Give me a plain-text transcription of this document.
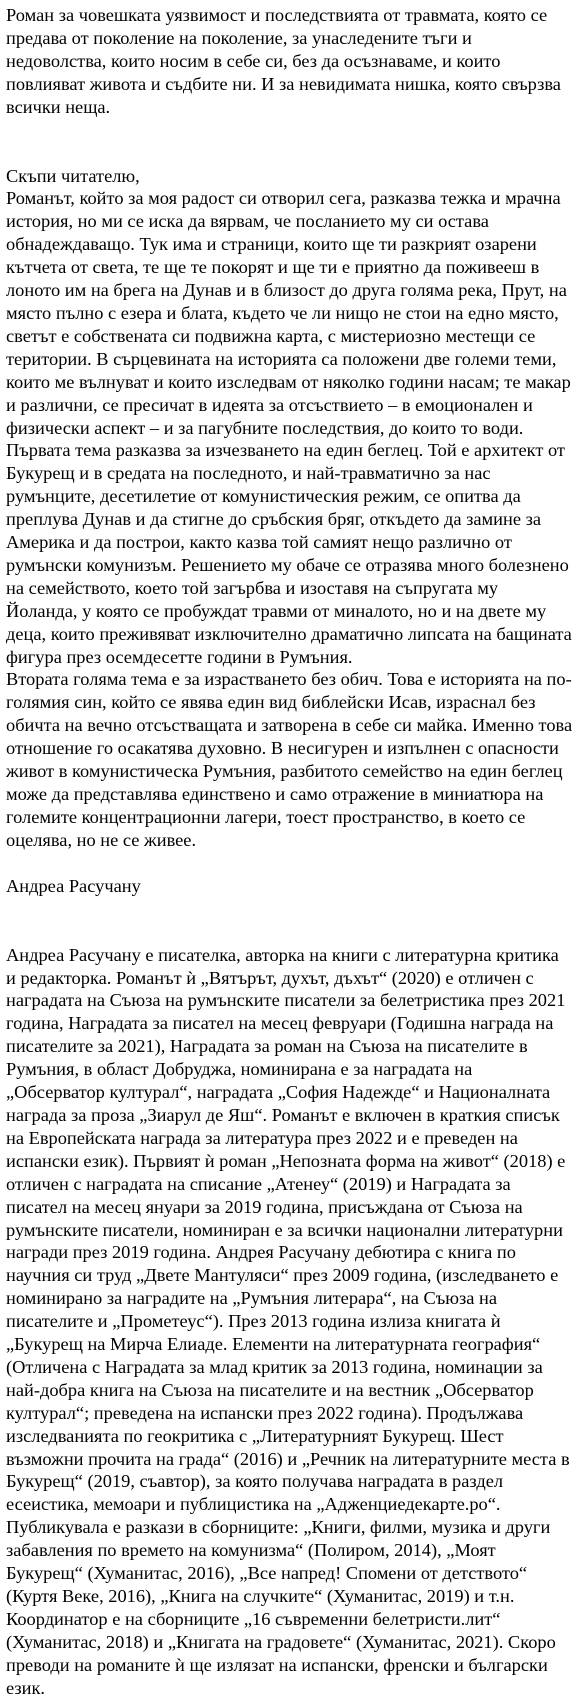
Роман за човешката уязвимост и последствията от травмата, която се предава от поколение на поколение, за унаследените тъги и недоволства, които носим в себе си, без да осъзнаваме, и които повлияват живота и съдбите ни. И за невидимата нишка, която свързва всички неща.

Скъпи читателю,

Романът, който за моя радост си отворил сега, разказва тежка и мрачна история, но ми се иска да вярвам, че посланието му си остава обнадеждаващо. Тук има и страници, които ще ти разкрият озарени кътчета от света, те ще те покорят и ще ти е приятно да поживееш в лоното им на брега на Дунав и в близост до друга голяма река, Прут, на място пълно с езера и блата, където че ли нищо не стои на едно място, светът е собствената си подвижна карта, с мистериозно местещи се територии. В сърцевината на историята са положени две големи теми, които ме вълнуват и които изследвам от няколко години насам; те макар и различни, се пресичат в идеята за отсъствието – в емоционален и физически аспект – и за пагубните последствия, до които то води.

Първата тема разказва за изчезването на един беглец. Той е архитект от Букурещ и в средата на последното, и най-травматично за нас румънците, десетилетие от комунистическия режим, се опитва да преплува Дунав и да стигне до сръбския бряг, откъдето да замине за Америка и да построи, както казва той самият нещо различно от румънски комунизъм. Решението му обаче се отразява много болезнено на семейството, което той загърбва и изоставя на съпругата му Йоланда, у която се пробуждат травми от миналото, но и на двете му деца, които преживяват изключително драматично липсата на бащината фигура през осемдесетте години в Румъния.

Втората голяма тема е за израстването без обич. Това е историята на по-голямия син, който се явява един вид библейски Исав, израснал без обичта на вечно отсъстващата и затворена в себе си майка. Именно това отношение го осакатява духовно. В несигурен и изпълнен с опасности живот в комунистическа Румъния, разбитото семейство на един беглец може да представлява единствено и само отражение в миниатюра на големите концентрационни лагери, тоест пространство, в което се оцелява, но не се живее.

Андреа Расучану

Андреа Расучану е писателка, авторка на книги с литературна критика и редакторка. Романът ѝ „Вятърът, духът, дъхът“ (2020) е отличен с наградата на Съюза на румънските писатели за белетристика през 2021 година, Наградата за писател на месец февруари (Годишна награда на писателите за 2021), Наградата за роман на Съюза на писателите в Румъния, в област Добруджа, номинирана е за наградата на „Обсерватор културал“, наградата „София Надежде“ и Националната награда за проза „Зиарул де Яш“. Романът е включен в краткия списък на Европейската награда за литература през 2022 и е преведен на испански език). Първият ѝ роман „Непозната форма на живот“ (2018) е отличен с наградата на списание „Атенеу“ (2019) и Наградата за писател на месец януари за 2019 година, присъждана от Съюза на румънските писатели, номиниран е за всички национални литературни награди през 2019 година. Андрея Расучану дебютира с книга по научния си труд „Двете Мантуляси“ през 2009 година, (изследването е номинирано за наградите на „Румъния литерара“, на Съюза на писателите и „Прометеус“). През 2013 година излиза книгата ѝ „Букурещ на Мирча Елиаде. Елементи на литературната география“ (Отличена с Наградата за млад критик за 2013 година, номинации за най-добра книга на Съюза на писателите и на вестник „Обсерватор културал“; преведена на испански през 2022 година). Продължава изследванията по геокритика с „Литературният Букурещ. Шест възможни прочита на града“ (2016) и „Речник на литературните места в Букурещ“ (2019, съавтор), за която получава наградата в раздел есеистика, мемоари и публицистика на „Адженциедекарте.ро“. Публикувала е разкази в сборниците: „Книги, филми, музика и други забавления по времето на комунизма“ (Полиром, 2014), „Моят Букурещ“ (Хуманитас, 2016), „Все напред! Спомени от детството“ (Куртя Веке, 2016), „Книга на случките“ (Хуманитас, 2019) и т.н. Координатор е на сборниците „16 съвременни белетристи.лит“ (Хуманитас, 2018) и „Книгата на градовете“ (Хуманитас, 2021). Скоро преводи на романите ѝ ще излязат на испански, френски и български език.
